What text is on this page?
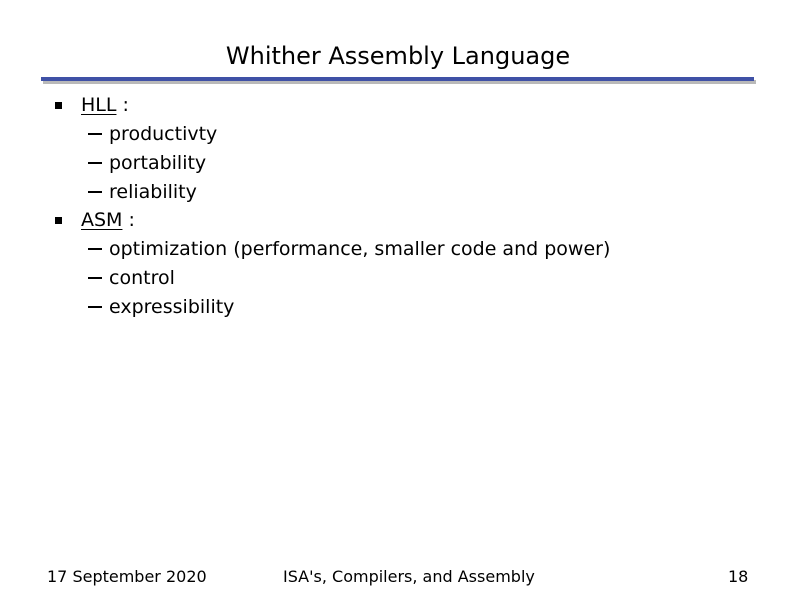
Whither Assembly Language
HLL :
productivty
portability
reliability
ASM :
optimization (performance, smaller code and power)
control
expressibility
17 September 2020	ISA's, Compilers, and Assembly	18
